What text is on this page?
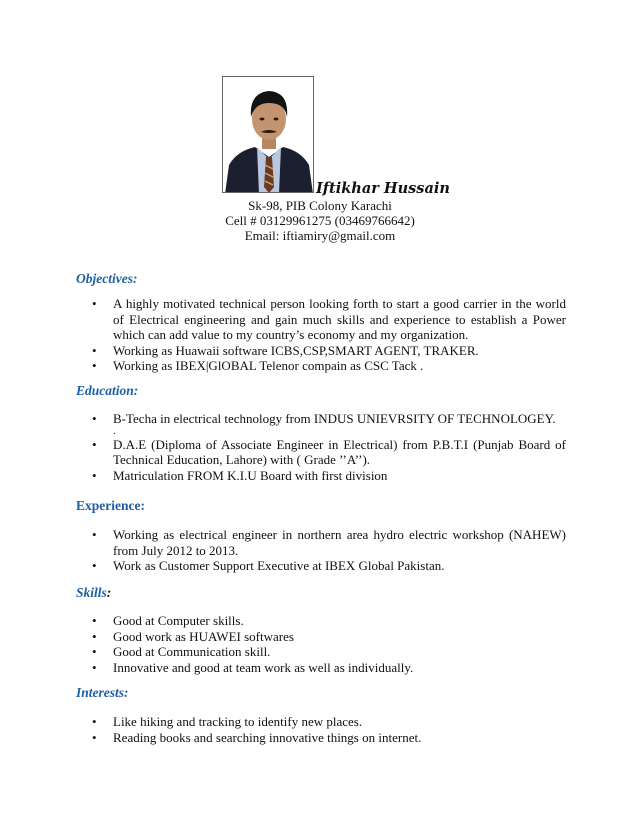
Iftikhar Hussain
Sk-98, PIB Colony Karachi
Cell # 03129961275 (03469766642)
Email: iftiamiry@gmail.com
Objectives:
• A highly motivated technical person looking forth to start a good carrier in the world of Electrical engineering and gain much skills and experience to establish a Power which can add value to my country’s economy and my organization.
• Working as Huawaii software ICBS,CSP,SMART AGENT, TRAKER.
• Working as IBEX|GlOBAL Telenor compain as CSC Tack .
Education:
• B-Techa in electrical technology from INDUS UNIEVRSITY OF TECHNOLOGEY.
.
• D.A.E (Diploma of Associate Engineer in Electrical) from P.B.T.I (Punjab Board of Technical Education, Lahore) with ( Grade ’’A’’).
• Matriculation FROM K.I.U Board with first division
Experience:
• Working as electrical engineer in northern area hydro electric workshop (NAHEW) from July 2012 to 2013.
• Work as Customer Support Executive at IBEX Global Pakistan.
Skills:
• Good at Computer skills.
• Good work as HUAWEI softwares
• Good at Communication skill.
• Innovative and good at team work as well as individually.
Interests:
• Like hiking and tracking to identify new places.
• Reading books and searching innovative things on internet.
